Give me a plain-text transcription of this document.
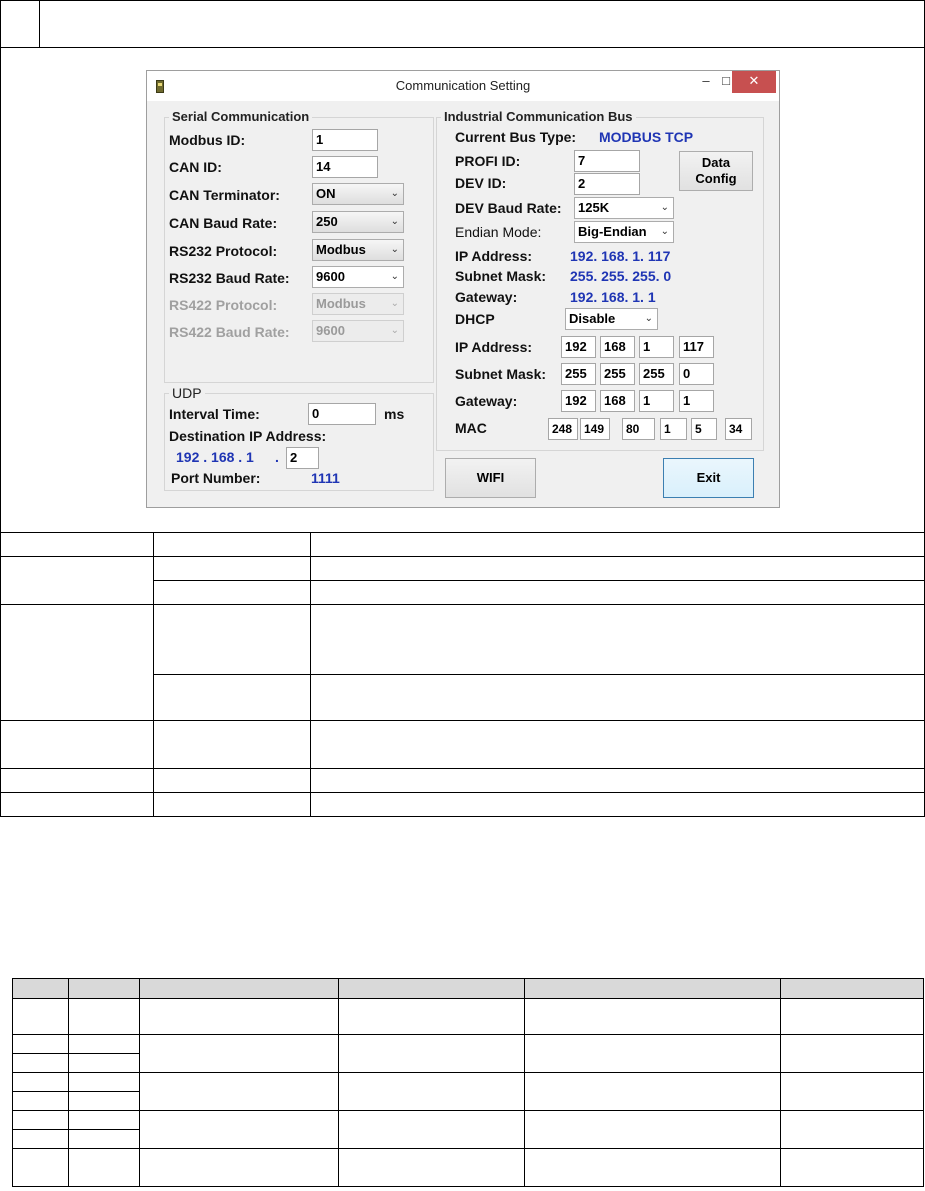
Communication Setting	– □	✕
Serial Communication
Modbus ID:	1
CAN ID:	14
CAN Terminator:	ON	⌄
CAN Baud Rate:	250	⌄
RS232 Protocol:	Modbus ⌄
RS232 Baud Rate:	9600	⌄
RS422 Protocol:	Modbus ⌄
RS422 Baud Rate:	9600	⌄
UDP
Interval Time:	0	ms
Destination IP Address:
192 . 168 . 1 . 2
Port Number:	1111
Industrial Communication Bus
Current Bus Type: MODBUS TCP
PROFI ID:	7
DEV ID:	2
Data
Config
DEV Baud Rate:	125K	⌄
Endian Mode:	Big-Endian ⌄
IP Address:	192. 168. 1. 117
Subnet Mask: 255. 255. 255. 0
Gateway:	192. 168. 1. 1
DHCP	Disable	⌄
IP Address:	192	168	1	117
Subnet Mask:	255	255	255	0
Gateway:	192	168	1	1
MAC	248 149	80	1	5	34
WIFI	Exit
